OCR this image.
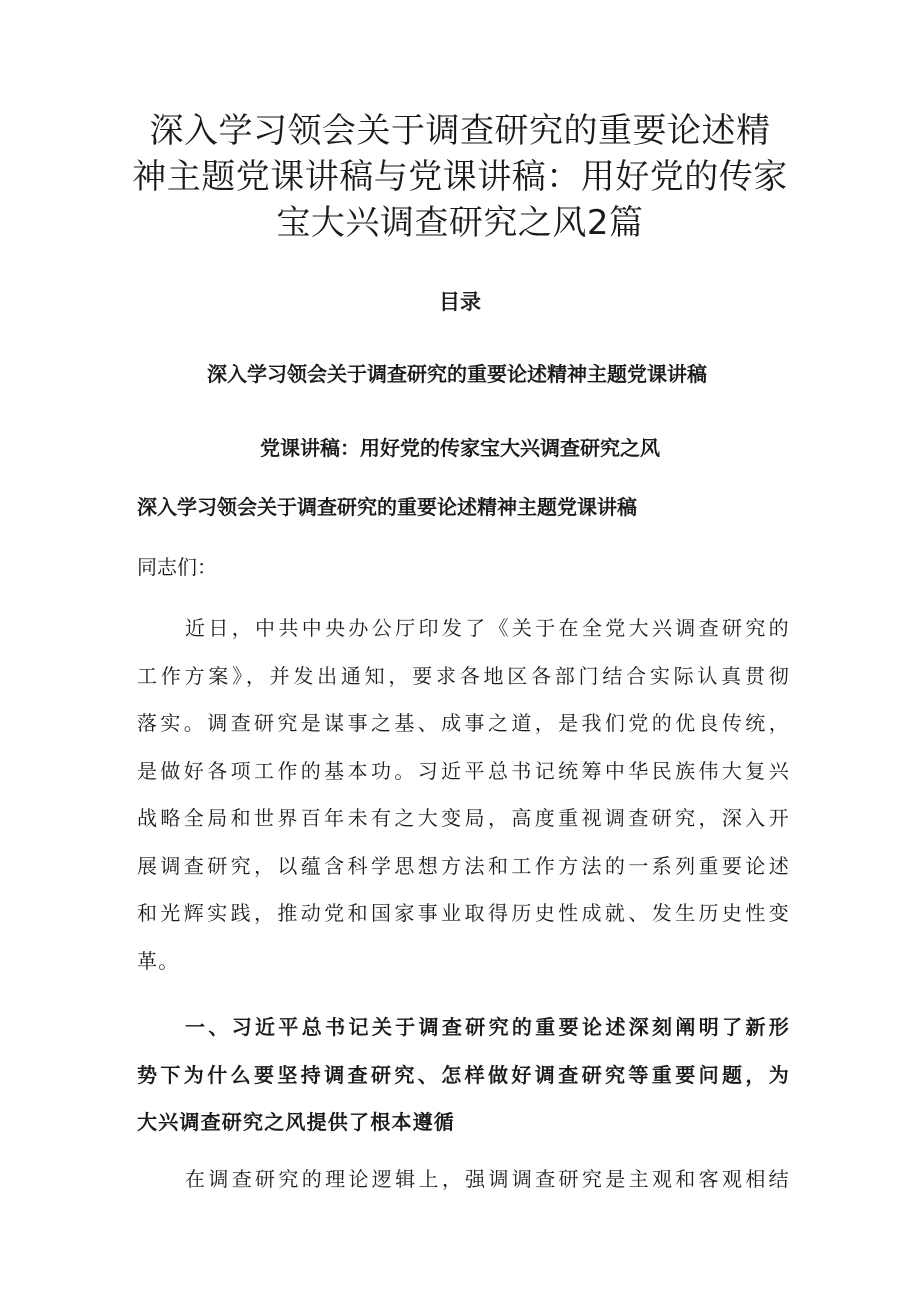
深入学习领会关于调查研究的重要论述精
神主题党课讲稿与党课讲稿：用好党的传家
宝大兴调查研究之风2篇
目录
深入学习领会关于调查研究的重要论述精神主题党课讲稿
党课讲稿：用好党的传家宝大兴调查研究之风
深入学习领会关于调查研究的重要论述精神主题党课讲稿
同志们：
近日，中共中央办公厅印发了《关于在全党大兴调查研究的
工作方案》，并发出通知，要求各地区各部门结合实际认真贯彻
落实。调查研究是谋事之基、成事之道，是我们党的优良传统，
是做好各项工作的基本功。习近平总书记统筹中华民族伟大复兴
战略全局和世界百年未有之大变局，高度重视调查研究，深入开
展调查研究，以蕴含科学思想方法和工作方法的一系列重要论述
和光辉实践，推动党和国家事业取得历史性成就、发生历史性变
革。
一、习近平总书记关于调查研究的重要论述深刻阐明了新形
势下为什么要坚持调查研究、怎样做好调查研究等重要问题，为
大兴调查研究之风提供了根本遵循
在调查研究的理论逻辑上，强调调查研究是主观和客观相结
